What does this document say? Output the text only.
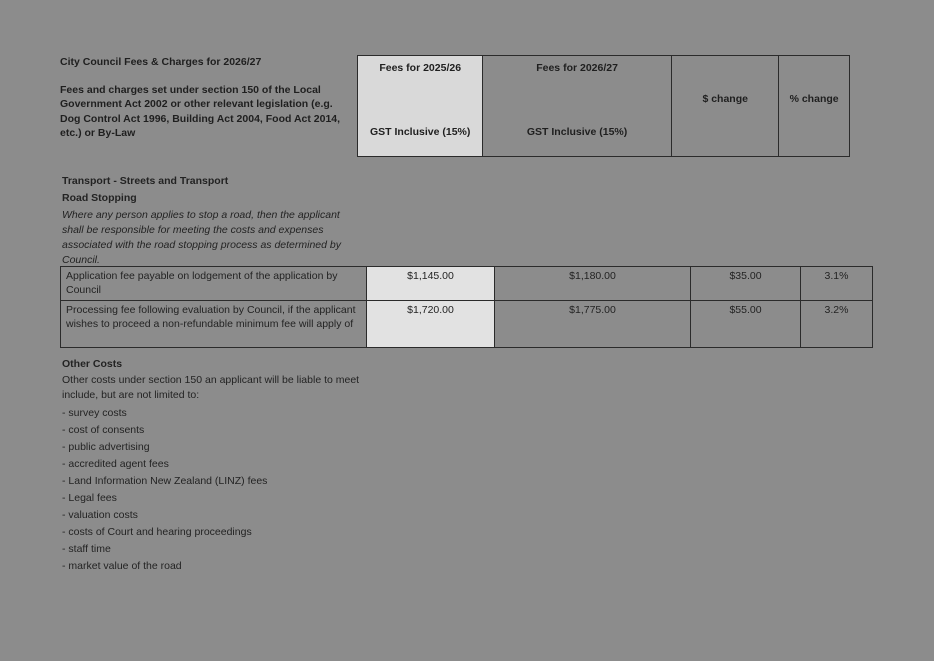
City Council Fees & Charges for 2026/27
Fees and charges set under section 150 of the Local Government Act 2002 or other relevant legislation (e.g. Dog Control Act 1996, Building Act 2004, Food Act 2014, etc.) or By-Law
Fees for 2025/26
GST Inclusive (15%)

Fees for 2026/27
GST Inclusive (15%)

$ change	% change
Transport - Streets and Transport
Road Stopping
Where any person applies to stop a road, then the applicant shall be responsible for meeting the costs and expenses associated with the road stopping process as determined by Council.
Application fee payable on lodgement of the application by Council	$1,145.00	$1,180.00	$35.00	3.1%
Processing fee following evaluation by Council, if the applicant wishes to proceed a non-refundable minimum fee will apply of	$1,720.00	$1,775.00	$55.00	3.2%
Other Costs
Other costs under section 150 an applicant will be liable to meet include, but are not limited to:
- survey costs
- cost of consents
- public advertising
- accredited agent fees
- Land Information New Zealand (LINZ) fees
- Legal fees
- valuation costs
- costs of Court and hearing proceedings
- staff time
- market value of the road
